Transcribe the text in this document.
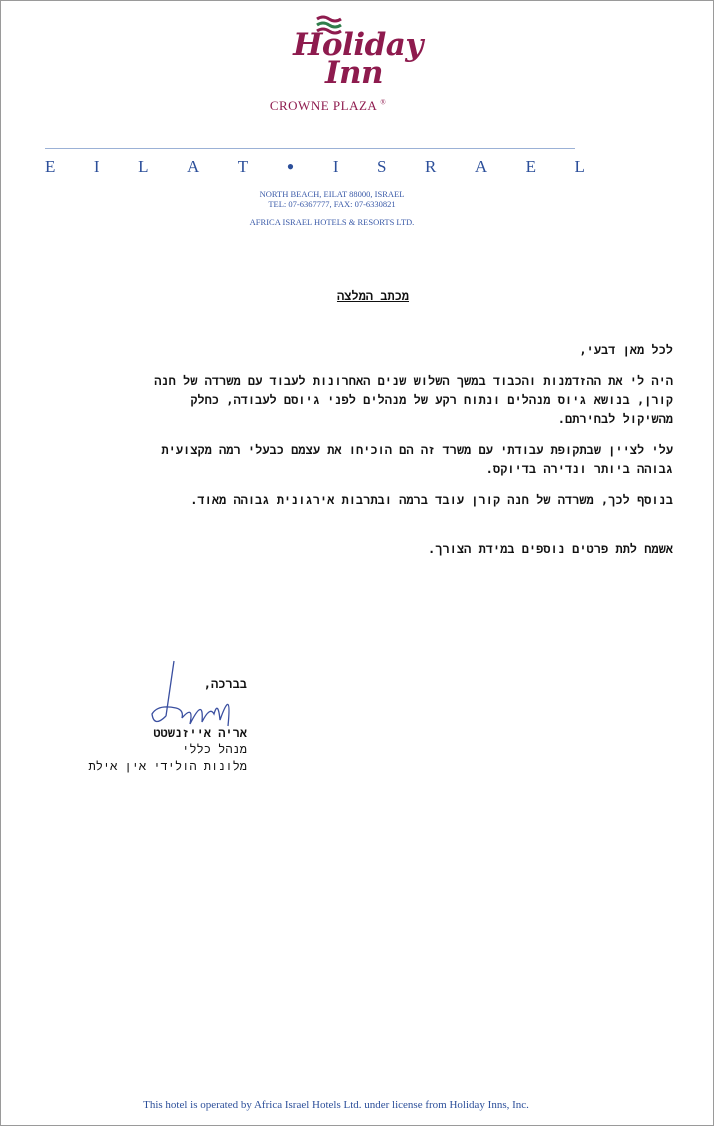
Holiday
Inn
CROWNE PLAZA ®
E I L A T • I S R A E L
NORTH BEACH, EILAT 88000, ISRAEL
TEL: 07-6367777, FAX: 07-6330821
AFRICA ISRAEL HOTELS & RESORTS LTD.
מכתב המלצה
לכל מאן דבעי,
היה לי את ההזדמנות והכבוד במשך השלוש שנים האחרונות לעבוד עם משרדה של חנה
קורן, בנושא גיוס מנהלים ונתוח רקע של מנהלים לפני גיוסם לעבודה, כחלק
מהשיקול לבחירתם.
עלי לציין שבתקופת עבודתי עם משרד זה הם הוכיחו את עצמם כבעלי רמה מקצועית
גבוהה ביותר ונדירה בדיוקס.
בנוסף לכך, משרדה של חנה קורן עובד ברמה ובתרבות אירגונית גבוהה מאוד.
אשמח לתת פרטים נוספים במידת הצורך.
בברכה,
אריה אייזנשטט
מנהל כללי
מלונות הולידי אין אילת
This hotel is operated by Africa Israel Hotels Ltd. under license from Holiday Inns, Inc.
